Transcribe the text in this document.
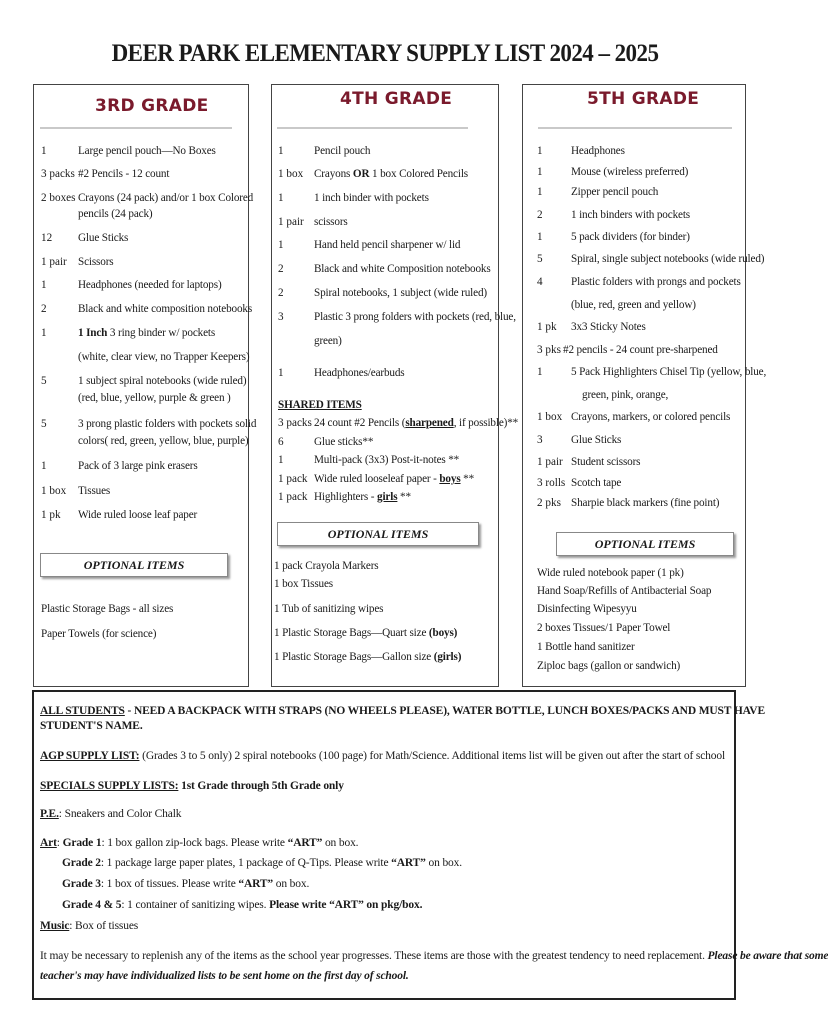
DEER PARK ELEMENTARY SUPPLY LIST 2024 – 2025
3RD GRADE
1	Large pencil pouch—No Boxes
3 packs #2 Pencils - 12 count
2 boxes Crayons (24 pack) and/or 1 box Colored
pencils (24 pack)
12 Glue Sticks
1 pair Scissors
1	Headphones (needed for laptops)
2	Black and white composition notebooks
1	1 Inch 3 ring binder w/ pockets
(white, clear view, no Trapper Keepers)
5	1 subject spiral notebooks (wide ruled)
(red, blue, yellow, purple & green )
5	3 prong plastic folders with pockets solid
colors( red, green, yellow, blue, purple)
1	Pack of 3 large pink erasers
1 box Tissues
1 pk Wide ruled loose leaf paper
OPTIONAL ITEMS
Plastic Storage Bags - all sizes
Paper Towels (for science)
4TH GRADE
1	Pencil pouch
1 box Crayons OR 1 box Colored Pencils
1	1 inch binder with pockets
1 pair scissors
1	Hand held pencil sharpener w/ lid
2	Black and white Composition notebooks
2	Spiral notebooks, 1 subject (wide ruled)
3	Plastic 3 prong folders with pockets (red, blue,
green)
1	Headphones/earbuds
SHARED ITEMS
3 packs 24 count #2 Pencils (sharpened, if possible)**
6	Glue sticks**
1	Multi-pack (3x3) Post-it-notes **
1 pack Wide ruled looseleaf paper - boys **
1 pack Highlighters - girls **
OPTIONAL ITEMS
1 pack Crayola Markers
1 box Tissues
1 Tub of sanitizing wipes
1 Plastic Storage Bags—Quart size (boys)
1 Plastic Storage Bags—Gallon size (girls)
5TH GRADE
1	Headphones
1	Mouse (wireless preferred)
1	Zipper pencil pouch
2	1 inch binders with pockets
1	5 pack dividers (for binder)
5	Spiral, single subject notebooks (wide ruled)
4	Plastic folders with prongs and pockets
(blue, red, green and yellow)
1 pk 3x3 Sticky Notes
3 pks #2 pencils - 24 count pre-sharpened
1	5 Pack Highlighters Chisel Tip (yellow, blue,
green, pink, orange,
1 box Crayons, markers, or colored pencils
3	Glue Sticks
1 pair Student scissors
3 rolls Scotch tape
2 pks Sharpie black markers (fine point)
OPTIONAL ITEMS
Wide ruled notebook paper (1 pk)
Hand Soap/Refills of Antibacterial Soap
Disinfecting Wipesyyu
2 boxes Tissues/1 Paper Towel
1 Bottle hand sanitizer
Ziploc bags (gallon or sandwich)
ALL STUDENTS - NEED A BACKPACK WITH STRAPS (NO WHEELS PLEASE), WATER BOTTLE, LUNCH BOXES/PACKS AND MUST HAVE
STUDENT'S NAME.
AGP SUPPLY LIST: (Grades 3 to 5 only) 2 spiral notebooks (100 page) for Math/Science. Additional items list will be given out after the start of school
SPECIALS SUPPLY LISTS: 1st Grade through 5th Grade only
P.E.: Sneakers and Color Chalk
Art: Grade 1: 1 box gallon zip-lock bags. Please write “ART” on box.
Grade 2: 1 package large paper plates, 1 package of Q-Tips. Please write “ART” on box.
Grade 3: 1 box of tissues. Please write “ART” on box.
Grade 4 & 5: 1 container of sanitizing wipes. Please write “ART” on pkg/box.
Music: Box of tissues
It may be necessary to replenish any of the items as the school year progresses. These items are those with the greatest tendency to need replacement. Please be aware that some
teacher's may have individualized lists to be sent home on the first day of school.
